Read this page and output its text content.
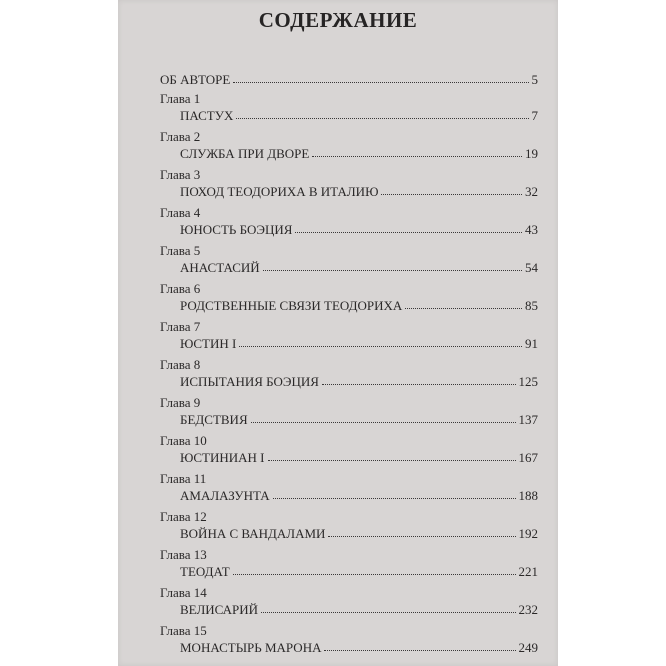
СОДЕРЖАНИЕ
ОБ АВТОРЕ	5
Глава 1
ПАСТУХ	7
Глава 2
СЛУЖБА ПРИ ДВОРЕ	19
Глава 3
ПОХОД ТЕОДОРИХА В ИТАЛИЮ	32
Глава 4
ЮНОСТЬ БОЭЦИЯ	43
Глава 5
АНАСТАСИЙ	54
Глава 6
РОДСТВЕННЫЕ СВЯЗИ ТЕОДОРИХА	85
Глава 7
ЮСТИН I	91
Глава 8
ИСПЫТАНИЯ БОЭЦИЯ	125
Глава 9
БЕДСТВИЯ	137
Глава 10
ЮСТИНИАН I	167
Глава 11
АМАЛАЗУНТА	188
Глава 12
ВОЙНА С ВАНДАЛАМИ	192
Глава 13
ТЕОДАТ	221
Глава 14
ВЕЛИСАРИЙ	232
Глава 15
МОНАСТЫРЬ МАРОНА	249
